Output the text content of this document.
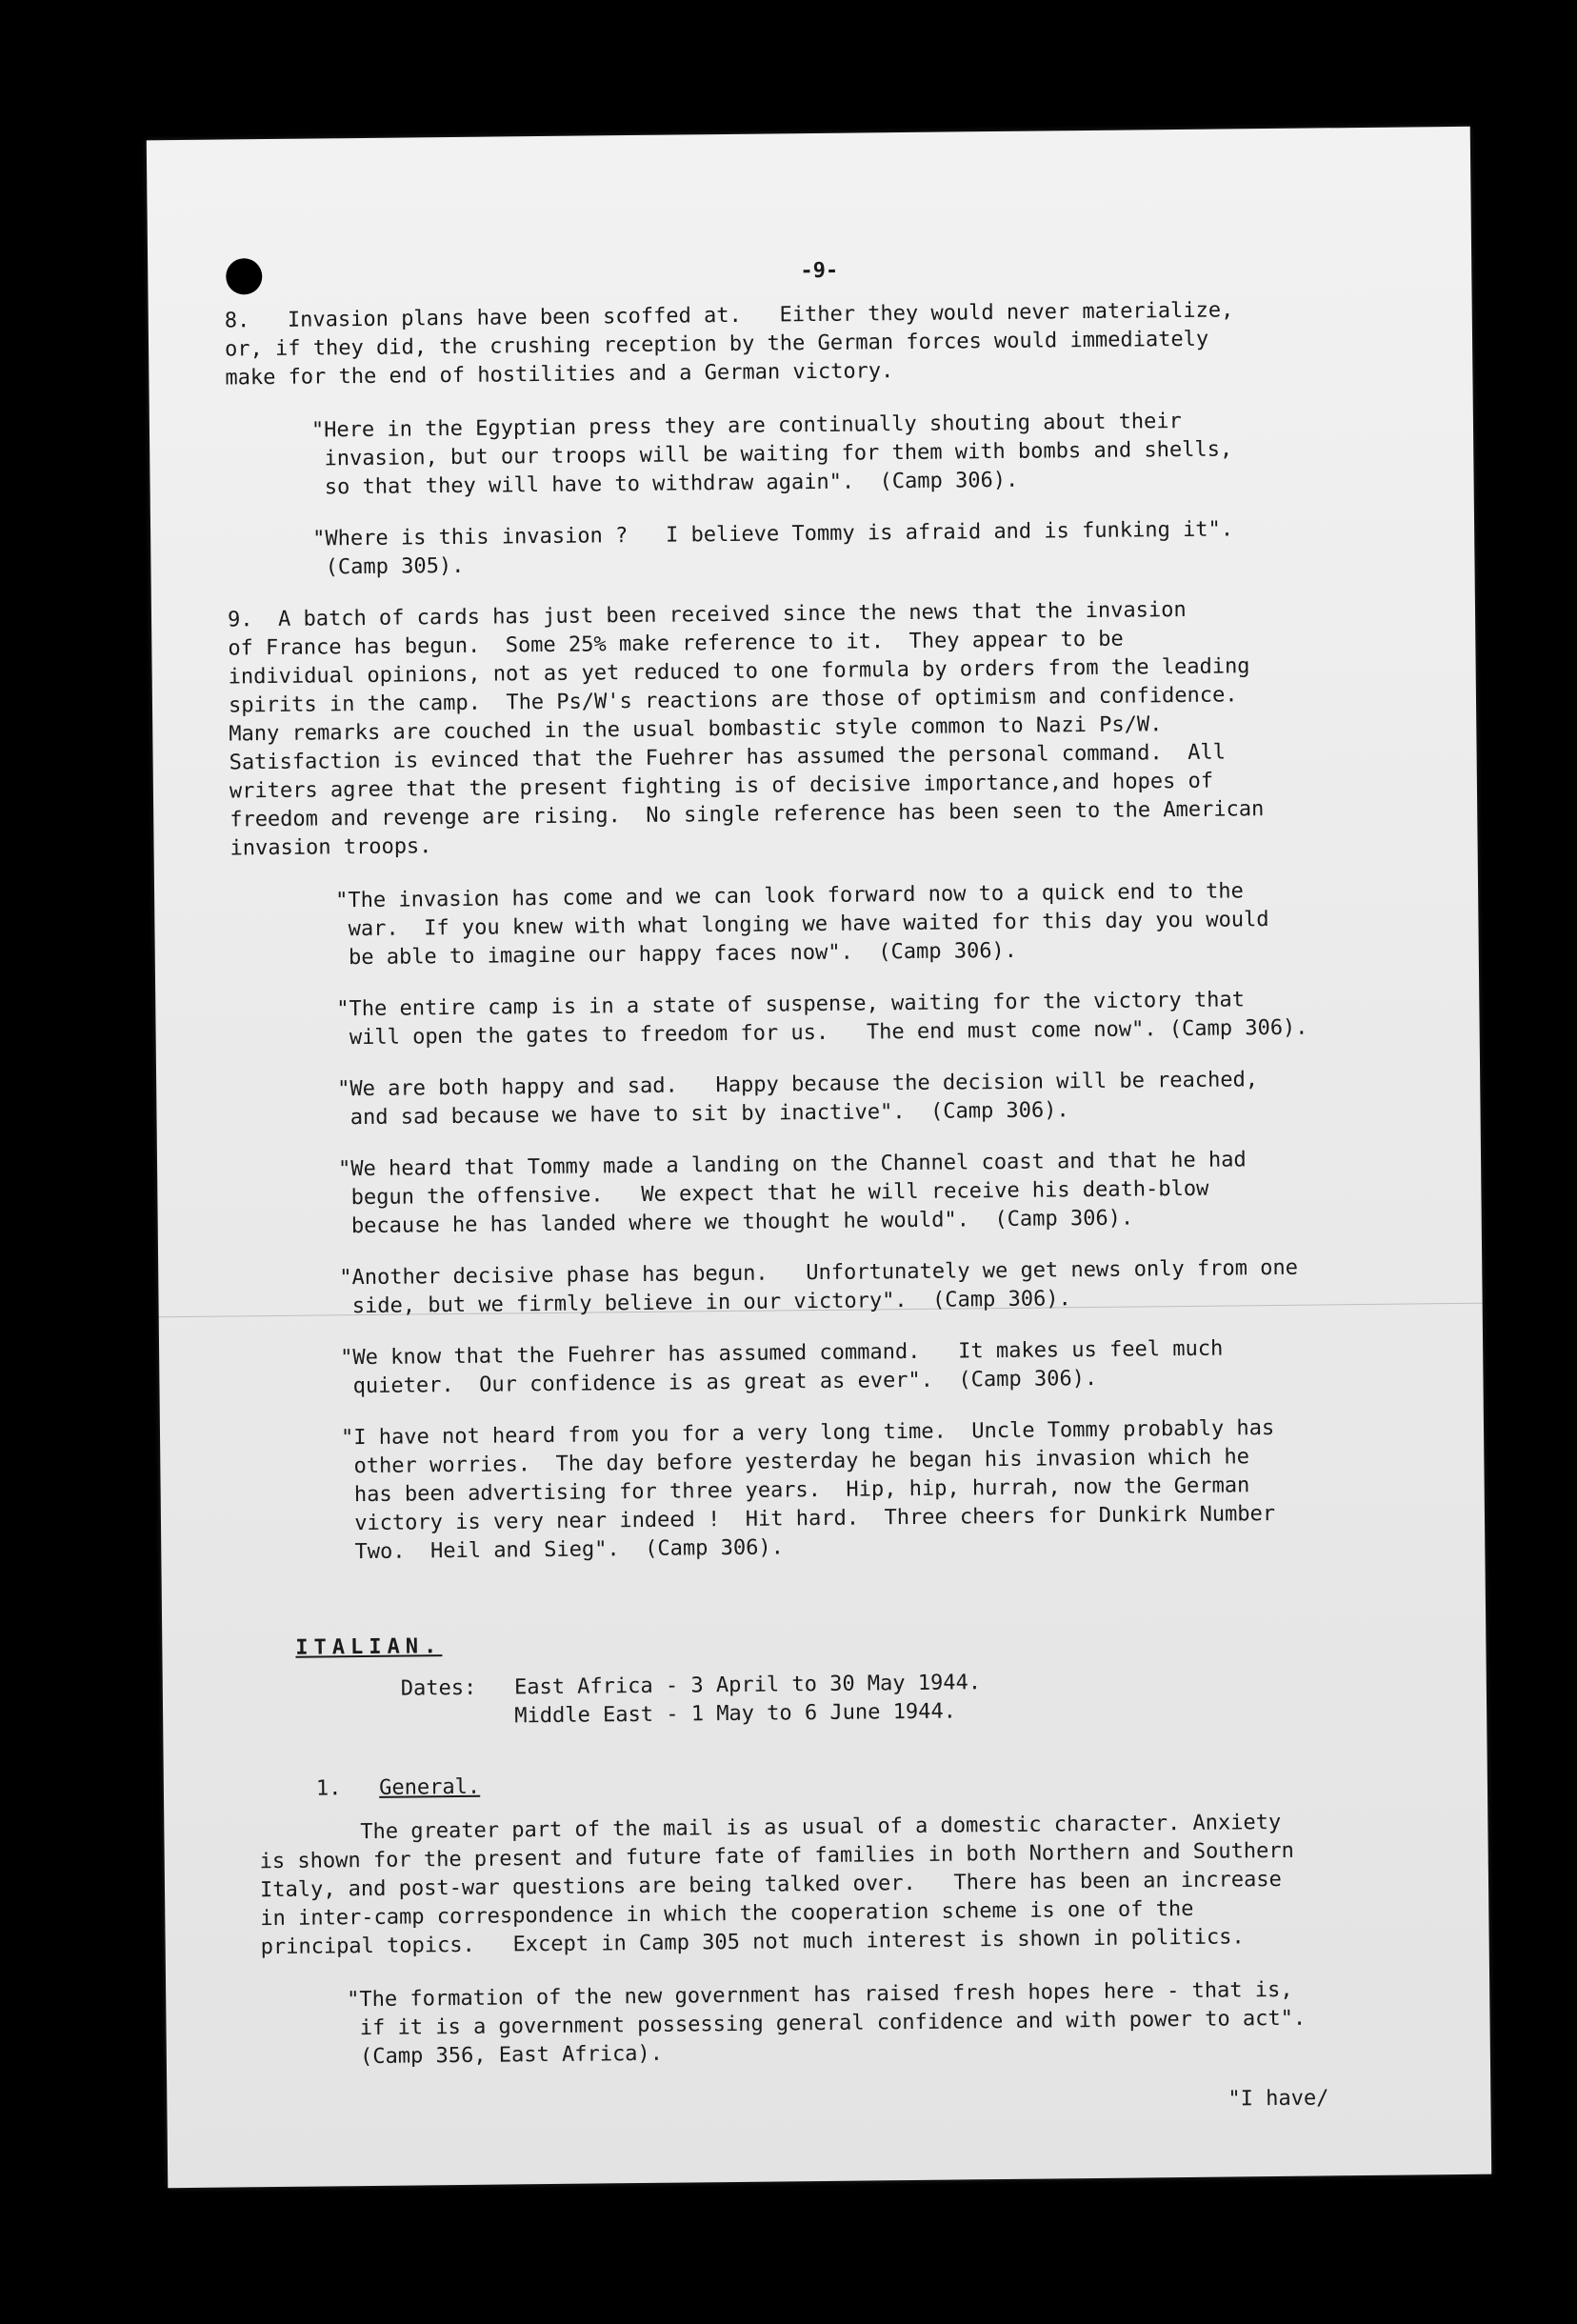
-9-
8.   Invasion plans have been scoffed at.   Either they would never materialize,
or, if they did, the crushing reception by the German forces would immediately
make for the end of hostilities and a German victory.
"Here in the Egyptian press they are continually shouting about their
invasion, but our troops will be waiting for them with bombs and shells,
so that they will have to withdraw again".  (Camp 306).
"Where is this invasion ?   I believe Tommy is afraid and is funking it".
(Camp 305).
9.  A batch of cards has just been received since the news that the invasion
of France has begun.  Some 25% make reference to it.  They appear to be
individual opinions, not as yet reduced to one formula by orders from the leading
spirits in the camp.  The Ps/W's reactions are those of optimism and confidence.
Many remarks are couched in the usual bombastic style common to Nazi Ps/W.
Satisfaction is evinced that the Fuehrer has assumed the personal command.  All
writers agree that the present fighting is of decisive importance,and hopes of
freedom and revenge are rising.  No single reference has been seen to the American
invasion troops.
"The invasion has come and we can look forward now to a quick end to the
war.  If you knew with what longing we have waited for this day you would
be able to imagine our happy faces now".  (Camp 306).
"The entire camp is in a state of suspense, waiting for the victory that
will open the gates to freedom for us.   The end must come now". (Camp 306).
"We are both happy and sad.   Happy because the decision will be reached,
and sad because we have to sit by inactive".  (Camp 306).
"We heard that Tommy made a landing on the Channel coast and that he had
begun the offensive.   We expect that he will receive his death-blow
because he has landed where we thought he would".  (Camp 306).
"Another decisive phase has begun.   Unfortunately we get news only from one
side, but we firmly believe in our victory".  (Camp 306).
"We know that the Fuehrer has assumed command.   It makes us feel much
quieter.  Our confidence is as great as ever".  (Camp 306).
"I have not heard from you for a very long time.  Uncle Tommy probably has
other worries.  The day before yesterday he began his invasion which he
has been advertising for three years.  Hip, hip, hurrah, now the German
victory is very near indeed !  Hit hard.  Three cheers for Dunkirk Number
Two.  Heil and Sieg".  (Camp 306).
ITALIAN.
Dates:   East Africa - 3 April to 30 May 1944.
Middle East - 1 May to 6 June 1944.
1. General.
The greater part of the mail is as usual of a domestic character. Anxiety
is shown for the present and future fate of families in both Northern and Southern
Italy, and post-war questions are being talked over.   There has been an increase
in inter-camp correspondence in which the cooperation scheme is one of the
principal topics.   Except in Camp 305 not much interest is shown in politics.
"The formation of the new government has raised fresh hopes here - that is,
if it is a government possessing general confidence and with power to act".
(Camp 356, East Africa).
"I have/
